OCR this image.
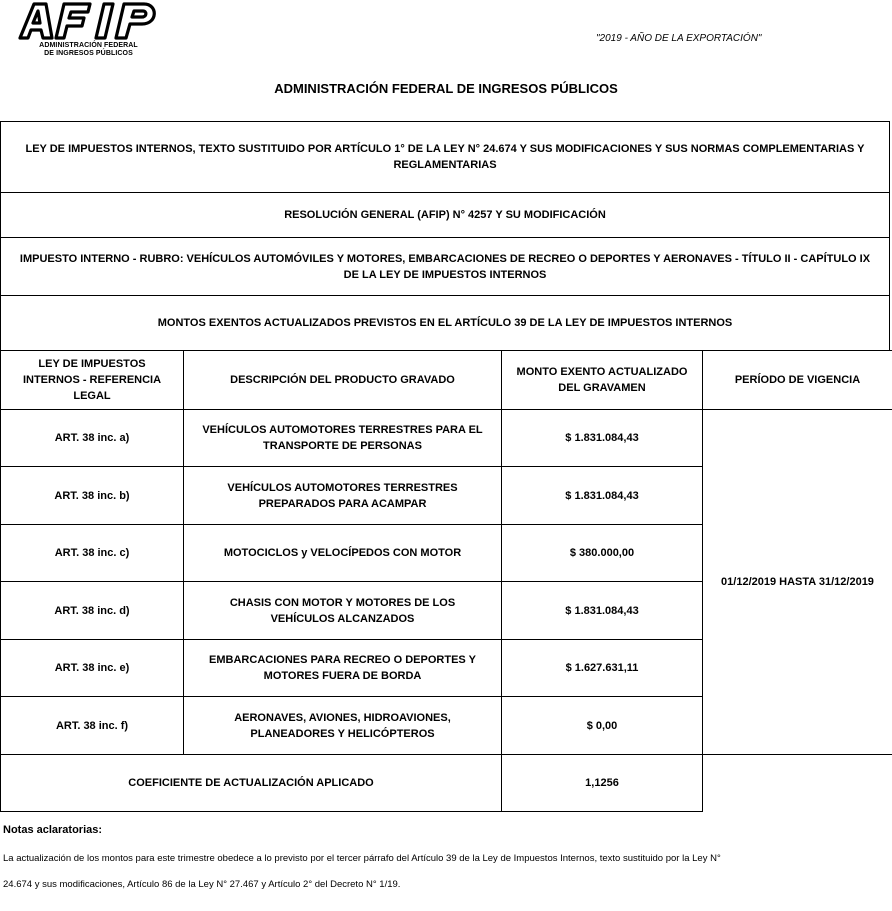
ADMINISTRACIÓN FEDERAL
DE INGRESOS PÚBLICOS
"2019 - AÑO DE LA EXPORTACIÓN"
ADMINISTRACIÓN FEDERAL DE INGRESOS PÚBLICOS
LEY DE IMPUESTOS INTERNOS, TEXTO SUSTITUIDO POR ARTÍCULO 1° DE LA LEY N° 24.674 Y SUS MODIFICACIONES Y SUS NORMAS COMPLEMENTARIAS Y REGLAMENTARIAS
RESOLUCIÓN GENERAL (AFIP) N° 4257 Y SU MODIFICACIÓN
IMPUESTO INTERNO - RUBRO: VEHÍCULOS AUTOMÓVILES Y MOTORES, EMBARCACIONES DE RECREO O DEPORTES Y AERONAVES - TÍTULO II - CAPÍTULO IX DE LA LEY DE IMPUESTOS INTERNOS
MONTOS EXENTOS ACTUALIZADOS PREVISTOS EN EL ARTÍCULO 39 DE LA LEY DE IMPUESTOS INTERNOS
LEY DE IMPUESTOS INTERNOS - REFERENCIA LEGAL	DESCRIPCIÓN DEL PRODUCTO GRAVADO	MONTO EXENTO ACTUALIZADO DEL GRAVAMEN	PERÍODO DE VIGENCIA
ART. 38 inc. a)	VEHÍCULOS AUTOMOTORES TERRESTRES PARA EL TRANSPORTE DE PERSONAS	$ 1.831.084,43	01/12/2019 HASTA 31/12/2019
ART. 38 inc. b)	VEHÍCULOS AUTOMOTORES TERRESTRES PREPARADOS PARA ACAMPAR	$ 1.831.084,43	
ART. 38 inc. c)	MOTOCICLOS y VELOCÍPEDOS CON MOTOR	$ 380.000,00	
ART. 38 inc. d)	CHASIS CON MOTOR Y MOTORES DE LOS VEHÍCULOS ALCANZADOS	$ 1.831.084,43	
ART. 38 inc. e)	EMBARCACIONES PARA RECREO O DEPORTES Y MOTORES FUERA DE BORDA	$ 1.627.631,11	
ART. 38 inc. f)	AERONAVES, AVIONES, HIDROAVIONES, PLANEADORES Y HELICÓPTEROS	$ 0,00	
COEFICIENTE DE ACTUALIZACIÓN APLICADO		1,1256	
Notas aclaratorias:
La actualización de los montos para este trimestre obedece a lo previsto por el tercer párrafo del Artículo 39 de la Ley de Impuestos Internos, texto sustituido por la Ley N°
24.674 y sus modificaciones, Artículo 86 de la Ley N° 27.467 y Artículo 2° del Decreto N° 1/19.
